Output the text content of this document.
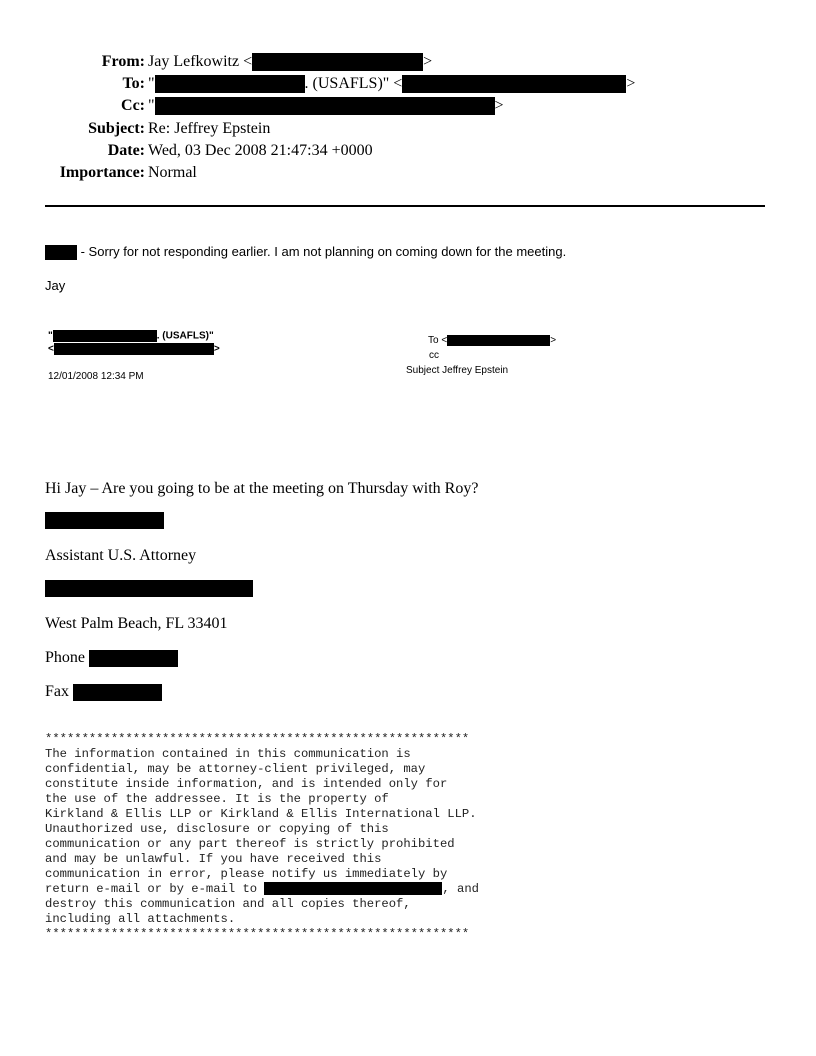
From: Jay Lefkowitz <	>
To: "	. (USAFLS)" <	>
Cc: "	>
Subject: Re: Jeffrey Epstein
Date: Wed, 03 Dec 2008 21:47:34 +0000
Importance: Normal
- Sorry for not responding earlier. I am not planning on coming down for the meeting.
Jay
"	. (USAFLS)"
<	>
12/01/2008 12:34 PM
To <	>
cc
Subject Jeffrey Epstein
Hi Jay – Are you going to be at the meeting on Thursday with Roy?
Assistant U.S. Attorney
West Palm Beach, FL 33401
Phone
Fax
**********************************************************
The information contained in this communication is
confidential, may be attorney-client privileged, may
constitute inside information, and is intended only for
the use of the addressee. It is the property of
Kirkland & Ellis LLP or Kirkland & Ellis International LLP.
Unauthorized use, disclosure or copying of this
communication or any part thereof is strictly prohibited
and may be unlawful. If you have received this
communication in error, please notify us immediately by
return e-mail or by e-mail to	, and
destroy this communication and all copies thereof,
including all attachments.
**********************************************************
